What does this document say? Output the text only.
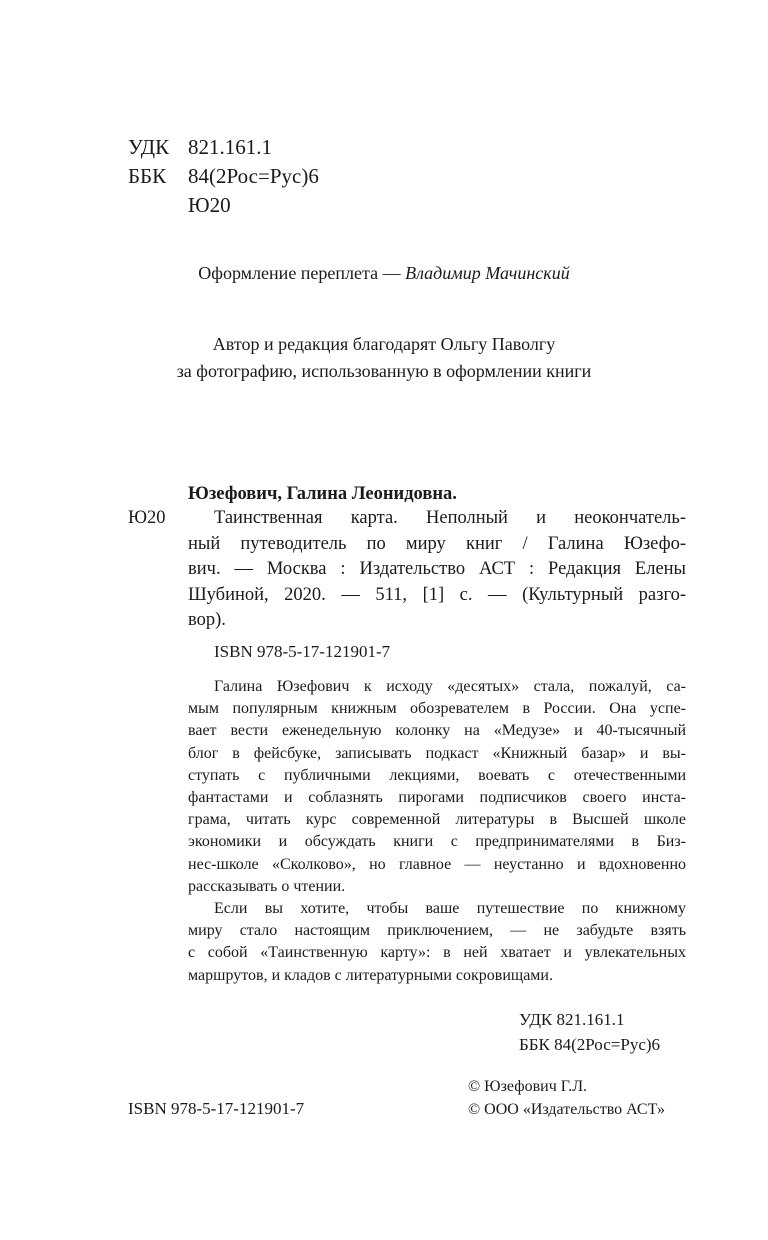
УДК 821.161.1
ББК	84(2Рос=Рус)6
Ю20
Оформление переплета — Владимир Мачинский
Автор и редакция благодарят Ольгу Паволгу
за фотографию, использованную в оформлении книги
Юзефович, Галина Леонидовна.
Ю20	Таинственная карта. Неполный и неокончатель-
ный путеводитель по миру книг / Галина Юзефо-
вич. — Москва : Издательство АСТ : Редакция Елены
Шубиной, 2020. — 511, [1] с. — (Культурный разго-
вор).
ISBN 978-5-17-121901-7
Галина Юзефович к исходу «десятых» стала, пожалуй, са-
мым популярным книжным обозревателем в России. Она успе-
вает вести еженедельную колонку на «Медузе» и 40-тысячный
блог в фейсбуке, записывать подкаст «Книжный базар» и вы-
ступать с публичными лекциями, воевать с отечественными
фантастами и соблазнять пирогами подписчиков своего инста-
грама, читать курс современной литературы в Высшей школе
экономики и обсуждать книги с предпринимателями в Биз-
нес-школе «Сколково», но главное — неустанно и вдохновенно
рассказывать о чтении.
Если вы хотите, чтобы ваше путешествие по книжному
миру стало настоящим приключением, — не забудьте взять
с собой «Таинственную карту»: в ней хватает и увлекательных
маршрутов, и кладов с литературными сокровищами.
УДК 821.161.1
ББК 84(2Рос=Рус)6
© Юзефович Г.Л.
© ООО «Издательство АСТ»
ISBN 978-5-17-121901-7
